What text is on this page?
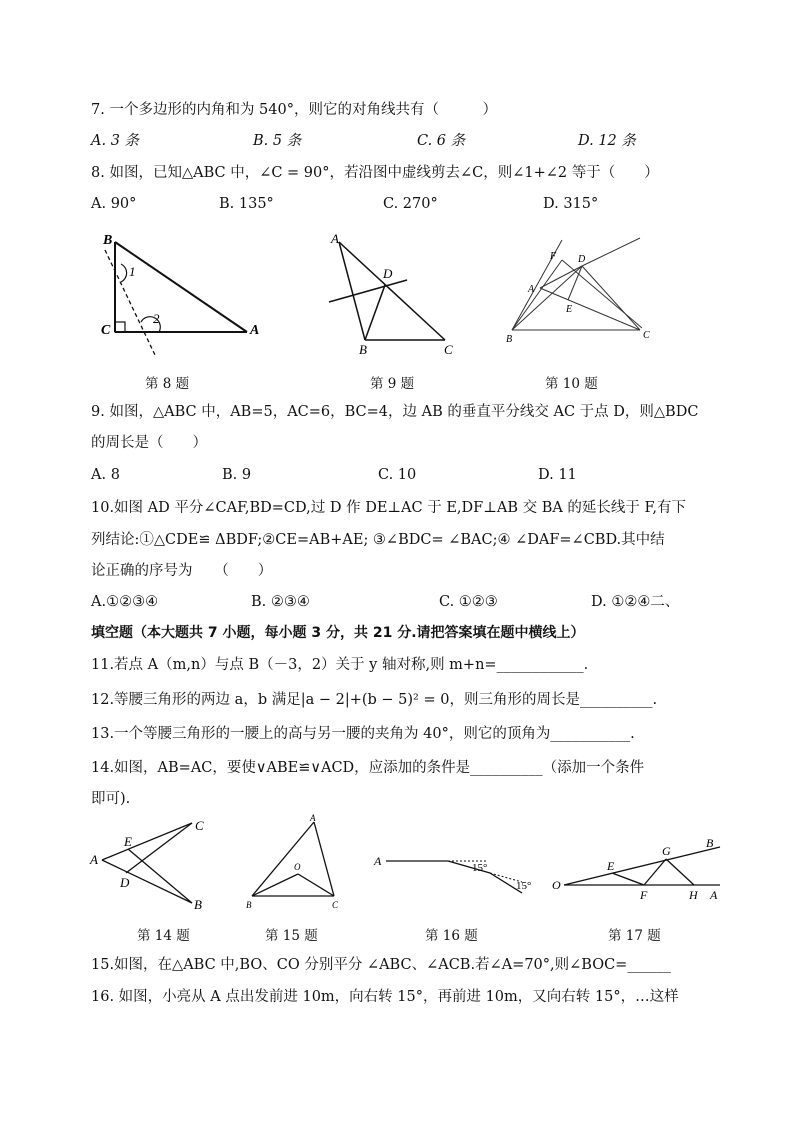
7. 一个多边形的内角和为 540°，则它的对角线共有（　　　）
A. 3 条	B. 5 条	C. 6 条	D. 12 条
8. 如图，已知△ABC 中，∠C = 90°，若沿图中虚线剪去∠C，则∠1+∠2 等于（　　）
A. 90°	B. 135°	C. 270°	D. 315°
B
C	A
1
2
第 8 题
A
B	C
D
第 9 题
B	C
A
D
E
F
第 10 题
9. 如图，△ABC 中，AB=5，AC=6，BC=4，边 AB 的垂直平分线交 AC 于点 D，则△BDC
的周长是（　　）
A. 8	B. 9	C. 10	D. 11
10.如图 AD 平分∠CAF,BD=CD,过 D 作 DE⊥AC 于 E,DF⊥AB 交 BA 的延长线于 F,有下
列结论:①△CDE≌ ΔBDF;②CE=AB+AE; ③∠BDC= ∠BAC;④ ∠DAF=∠CBD.其中结
论正确的序号为　　（　　）
A.①②③④	B. ②③④	C. ①②③	D. ①②④二、
填空题（本大题共 7 小题，每小题 3 分，共 21 分.请把答案填在题中横线上）
11.若点 A（m,n）与点 B（－3，2）关于 y 轴对称,则 m+n=____________.
12.等腰三角形的两边 a，b 满足|a − 2|+(b − 5)² = 0，则三角形的周长是__________.
13.一个等腰三角形的一腰上的高与另一腰的夹角为 40°，则它的顶角为___________.
14.如图，AB=AC，要使∨ABE≌∨ACD，应添加的条件是__________（添加一个条件
即可).
A
E
D
C
B
第 14 题
A
B	C
O
第 15 题
A	15°
15°
第 16 题
O
E
F
G
H A
B
第 17 题
15.如图，在△ABC 中,BO、CO 分别平分 ∠ABC、∠ACB.若∠A=70°,则∠BOC=______
16. 如图，小亮从 A 点出发前进 10m，向右转 15°，再前进 10m，又向右转 15°，…这样
